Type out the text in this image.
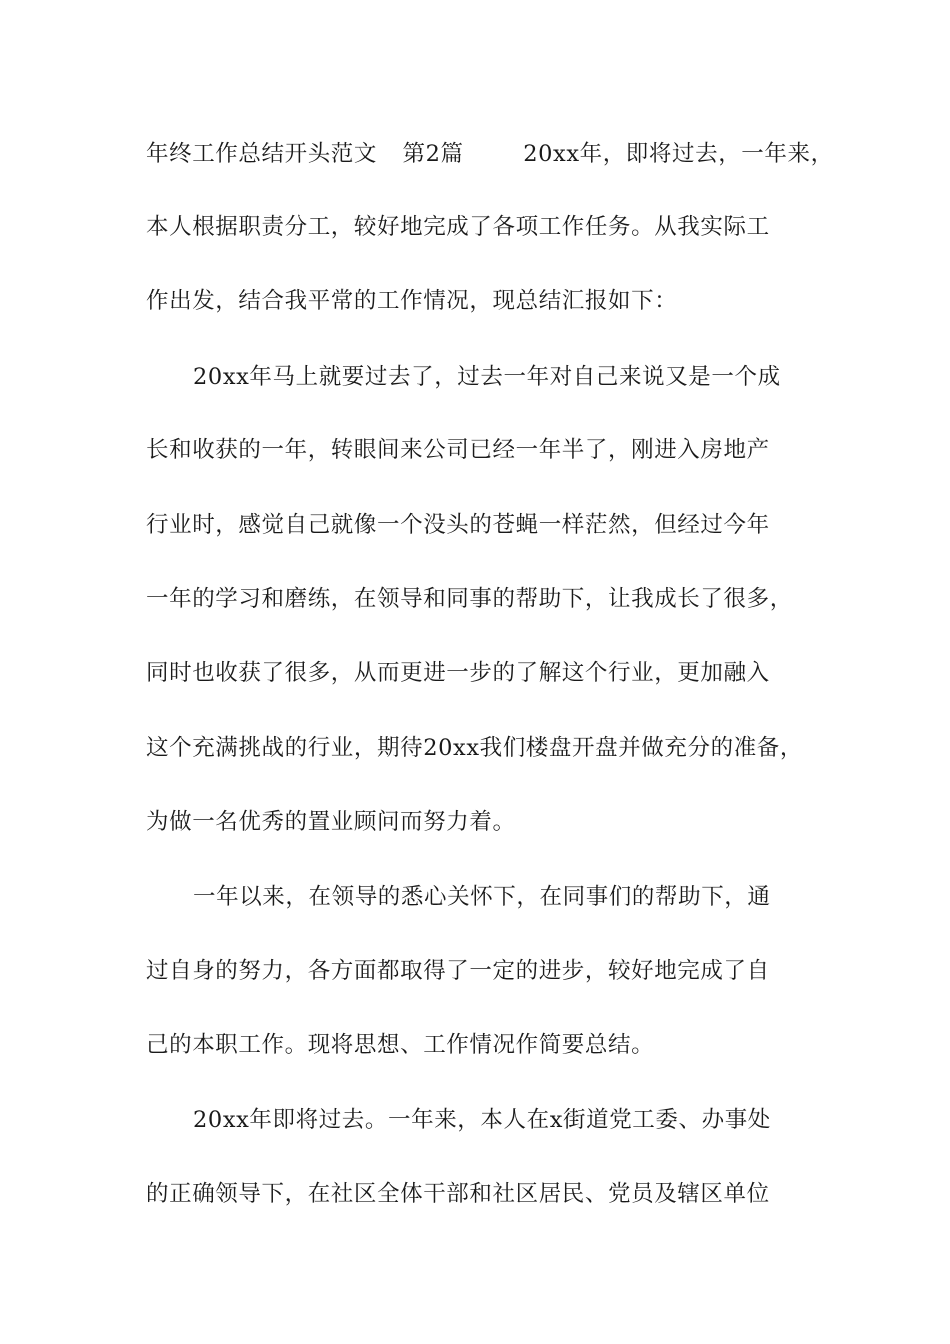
年终工作总结开头范文 第2篇	20xx年，即将过去，一年来，
本人根据职责分工，较好地完成了各项工作任务。从我实际工
作出发，结合我平常的工作情况，现总结汇报如下：
20xx年马上就要过去了，过去一年对自己来说又是一个成
长和收获的一年，转眼间来公司已经一年半了，刚进入房地产
行业时，感觉自己就像一个没头的苍蝇一样茫然，但经过今年
一年的学习和磨练，在领导和同事的帮助下，让我成长了很多，
同时也收获了很多，从而更进一步的了解这个行业，更加融入
这个充满挑战的行业，期待20xx我们楼盘开盘并做充分的准备，
为做一名优秀的置业顾问而努力着。
一年以来，在领导的悉心关怀下，在同事们的帮助下，通
过自身的努力，各方面都取得了一定的进步，较好地完成了自
己的本职工作。现将思想、工作情况作简要总结。
20xx年即将过去。一年来，本人在x街道党工委、办事处
的正确领导下，在社区全体干部和社区居民、党员及辖区单位
